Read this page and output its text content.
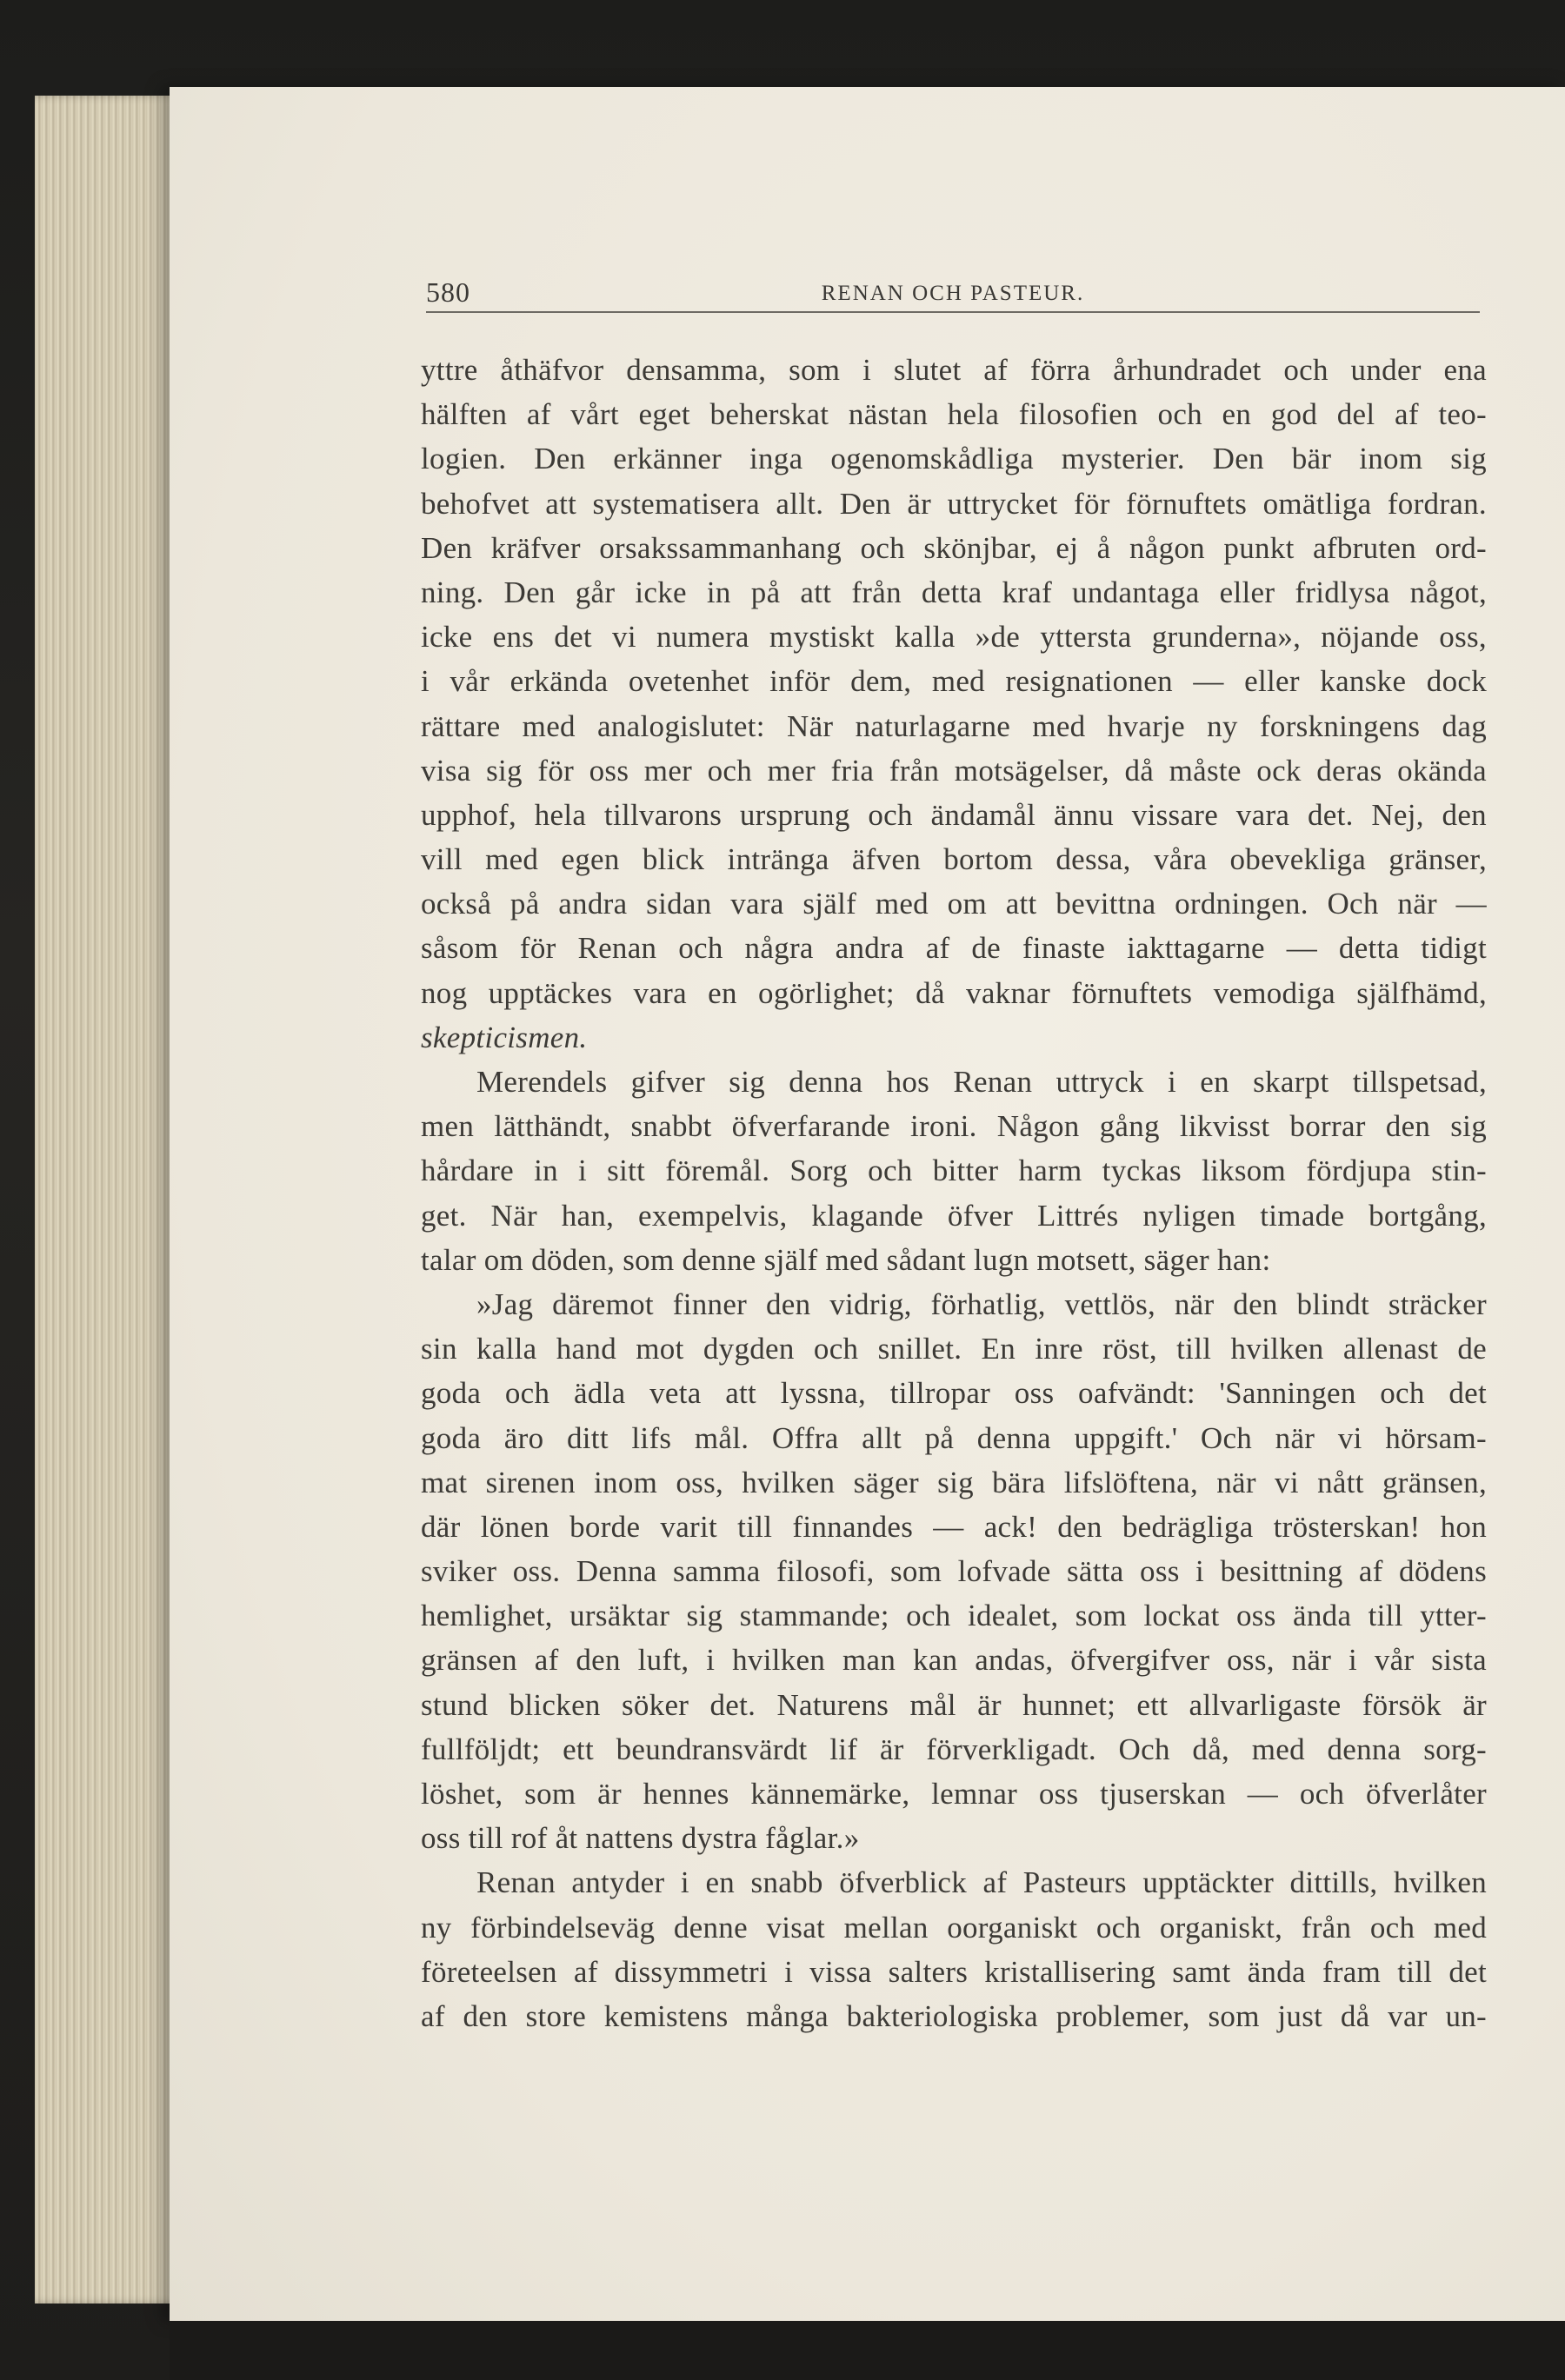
580	RENAN OCH PASTEUR.
yttre åthäfvor densamma, som i slutet af förra århundradet och under ena
hälften af vårt eget beherskat nästan hela filosofien och en god del af teo-
logien. Den erkänner inga ogenomskådliga mysterier. Den bär inom sig
behofvet att systematisera allt. Den är uttrycket för förnuftets omätliga fordran.
Den kräfver orsakssammanhang och skönjbar, ej å någon punkt afbruten ord-
ning. Den går icke in på att från detta kraf undantaga eller fridlysa något,
icke ens det vi numera mystiskt kalla »de yttersta grunderna», nöjande oss,
i vår erkända ovetenhet inför dem, med resignationen — eller kanske dock
rättare med analogislutet: När naturlagarne med hvarje ny forskningens dag
visa sig för oss mer och mer fria från motsägelser, då måste ock deras okända
upphof, hela tillvarons ursprung och ändamål ännu vissare vara det. Nej, den
vill med egen blick intränga äfven bortom dessa, våra obevekliga gränser,
också på andra sidan vara själf med om att bevittna ordningen. Och när —
såsom för Renan och några andra af de finaste iakttagarne — detta tidigt
nog upptäckes vara en ogörlighet; då vaknar förnuftets vemodiga själfhämd,
skepticismen.
Merendels gifver sig denna hos Renan uttryck i en skarpt tillspetsad,
men lätthändt, snabbt öfverfarande ironi. Någon gång likvisst borrar den sig
hårdare in i sitt föremål. Sorg och bitter harm tyckas liksom fördjupa stin-
get. När han, exempelvis, klagande öfver Littrés nyligen timade bortgång,
talar om döden, som denne själf med sådant lugn motsett, säger han:
»Jag däremot finner den vidrig, förhatlig, vettlös, när den blindt sträcker
sin kalla hand mot dygden och snillet. En inre röst, till hvilken allenast de
goda och ädla veta att lyssna, tillropar oss oafvändt: 'Sanningen och det
goda äro ditt lifs mål. Offra allt på denna uppgift.' Och när vi hörsam-
mat sirenen inom oss, hvilken säger sig bära lifslöftena, när vi nått gränsen,
där lönen borde varit till finnandes — ack! den bedrägliga trösterskan! hon
sviker oss. Denna samma filosofi, som lofvade sätta oss i besittning af dödens
hemlighet, ursäktar sig stammande; och idealet, som lockat oss ända till ytter-
gränsen af den luft, i hvilken man kan andas, öfvergifver oss, när i vår sista
stund blicken söker det. Naturens mål är hunnet; ett allvarligaste försök är
fullföljdt; ett beundransvärdt lif är förverkligadt. Och då, med denna sorg-
löshet, som är hennes kännemärke, lemnar oss tjuserskan — och öfverlåter
oss till rof åt nattens dystra fåglar.»
Renan antyder i en snabb öfverblick af Pasteurs upptäckter dittills, hvilken
ny förbindelseväg denne visat mellan oorganiskt och organiskt, från och med
företeelsen af dissymmetri i vissa salters kristallisering samt ända fram till det
af den store kemistens många bakteriologiska problemer, som just då var un-
